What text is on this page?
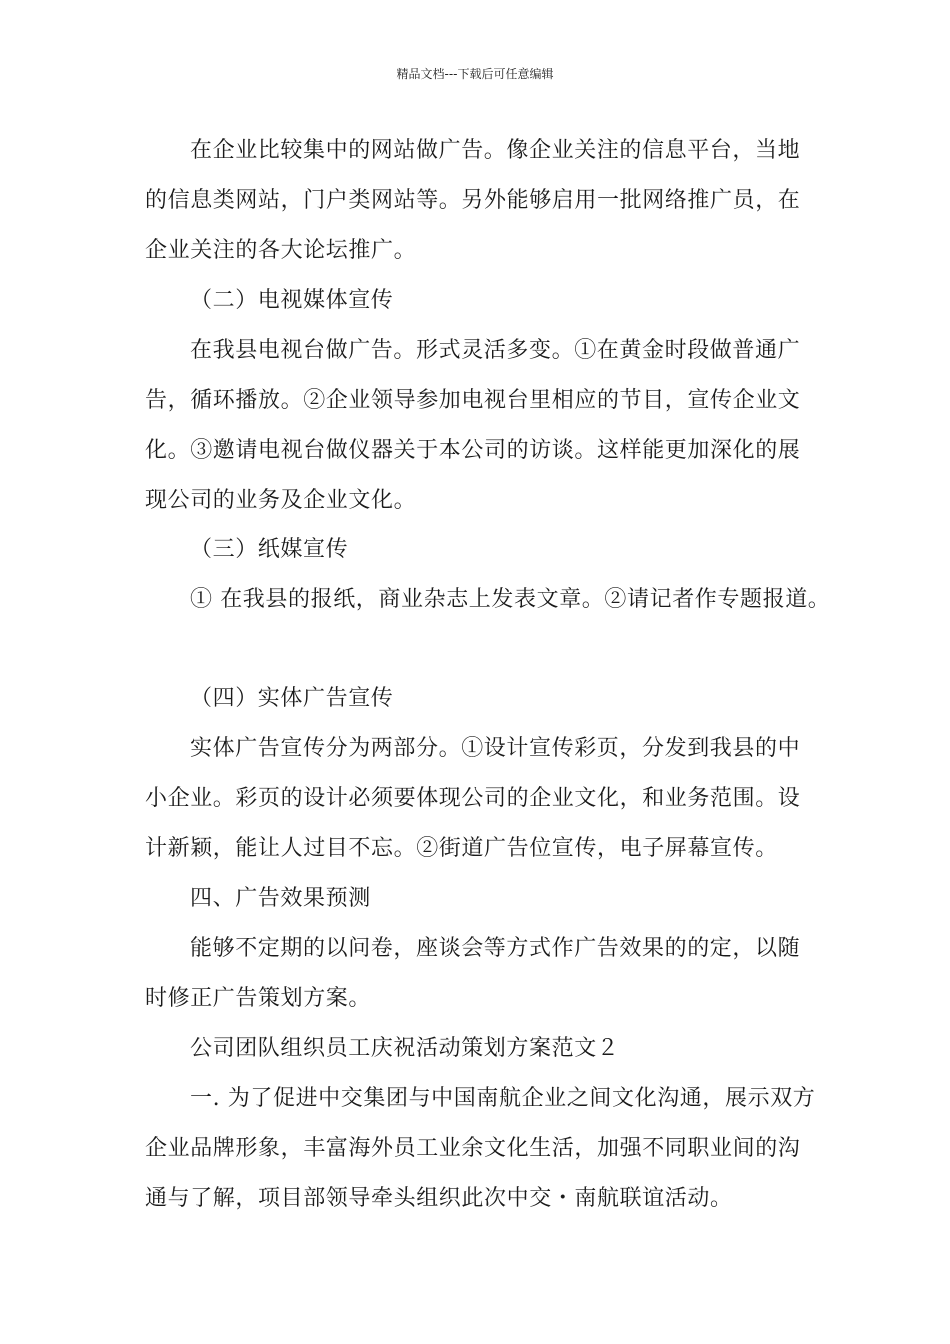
精品文档---下载后可任意编辑
在企业比较集中的网站做广告。像企业关注的信息平台，当地
的信息类网站，门户类网站等。另外能够启用一批网络推广员，在
企业关注的各大论坛推广。
（二）电视媒体宣传
在我县电视台做广告。形式灵活多变。①在黄金时段做普通广
告，循环播放。②企业领导参加电视台里相应的节目，宣传企业文
化。③邀请电视台做仪器关于本公司的访谈。这样能更加深化的展
现公司的业务及企业文化。
（三）纸媒宣传
① 在我县的报纸，商业杂志上发表文章。②请记者作专题报道。
（四）实体广告宣传
实体广告宣传分为两部分。①设计宣传彩页，分发到我县的中
小企业。彩页的设计必须要体现公司的企业文化，和业务范围。设
计新颖，能让人过目不忘。②街道广告位宣传，电子屏幕宣传。
四、广告效果预测
能够不定期的以问卷，座谈会等方式作广告效果的的定，以随
时修正广告策划方案。
公司团队组织员工庆祝活动策划方案范文２
一. 为了促进中交集团与中国南航企业之间文化沟通，展示双方
企业品牌形象，丰富海外员工业余文化生活，加强不同职业间的沟
通与了解，项目部领导牵头组织此次中交・南航联谊活动。
